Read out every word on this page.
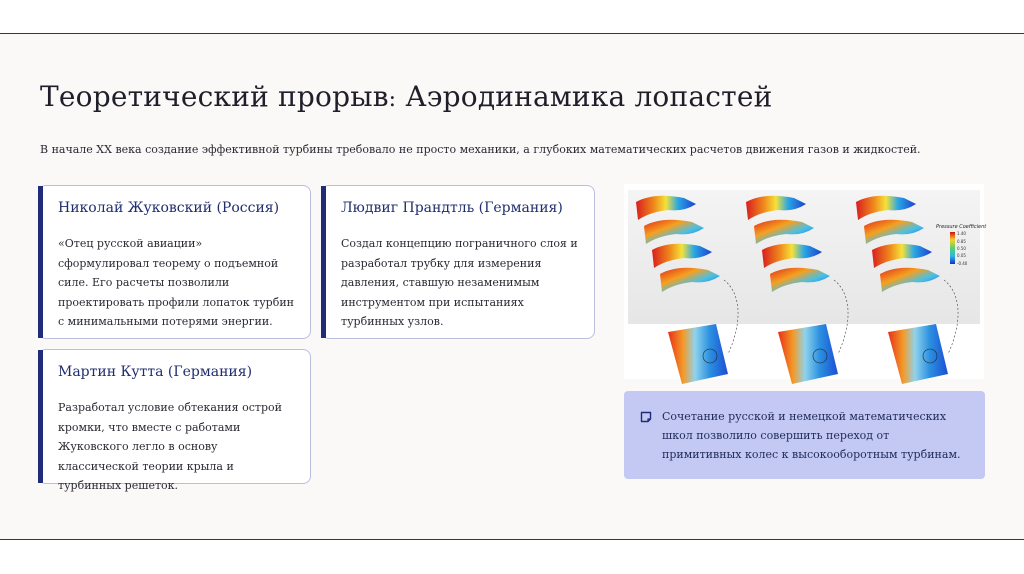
Теоретический прорыв: Аэродинамика лопастей
В начале XX века создание эффективной турбины требовало не просто механики, а глубоких математических расчетов движения газов и жидкостей.
Николай Жуковский (Россия)
«Отец русской авиации» сформулировал теорему о подъемной силе. Его расчеты позволили проектировать профили лопаток турбин с минимальными потерями энергии.
Людвиг Прандтль (Германия)
Создал концепцию пограничного слоя и разработал трубку для измерения давления, ставшую незаменимым инструментом при испытаниях турбинных узлов.
Мартин Кутта (Германия)
Разработал условие обтекания острой кромки, что вместе с работами Жуковского легло в основу классической теории крыла и турбинных решеток.
Pressure Coefficient
1.40
0.85
0.50
0.05
-0.40
Сочетание русской и немецкой математических школ позволило совершить переход от примитивных колес к высокооборотным турбинам.
